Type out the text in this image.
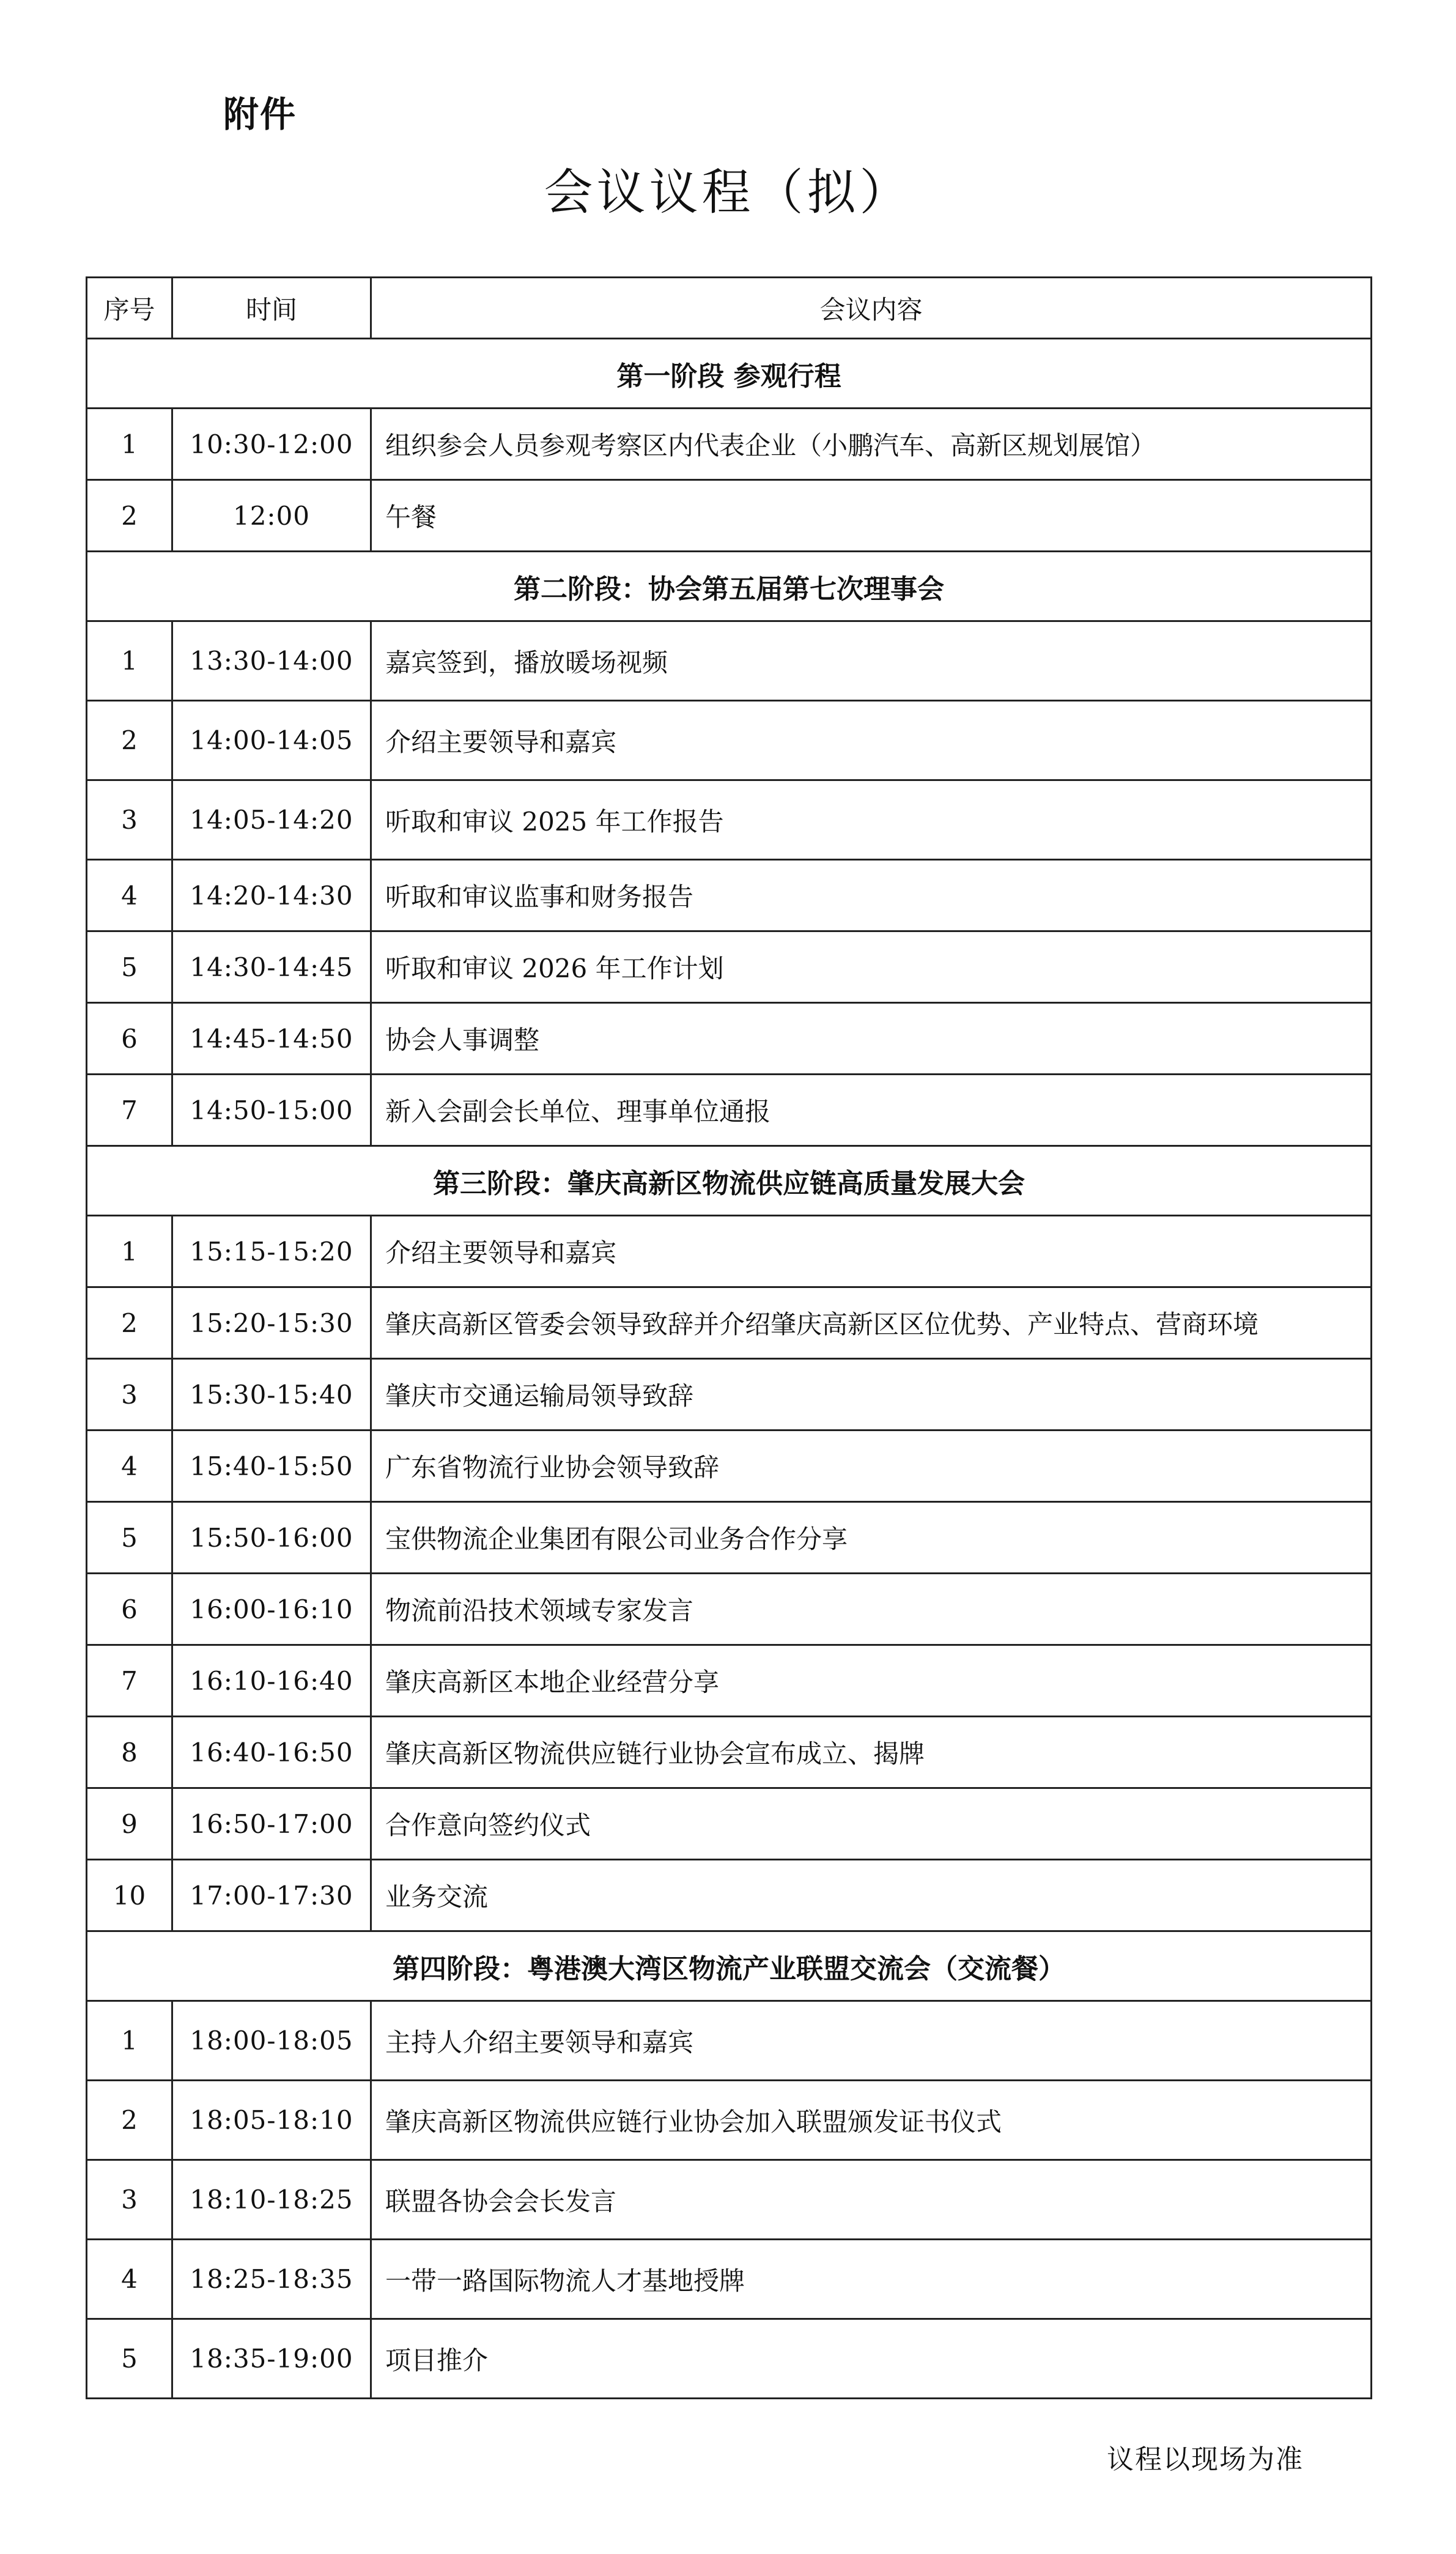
附件
会议议程（拟）
序号	时间	会议内容
第一阶段 参观行程		
1	10:30-12:00	组织参会人员参观考察区内代表企业（小鹏汽车、高新区规划展馆）
2	12:00	午餐
第二阶段：协会第五届第七次理事会		
1	13:30-14:00	嘉宾签到，播放暖场视频
2	14:00-14:05	介绍主要领导和嘉宾
3	14:05-14:20	听取和审议 2025 年工作报告
4	14:20-14:30	听取和审议监事和财务报告
5	14:30-14:45	听取和审议 2026 年工作计划
6	14:45-14:50	协会人事调整
7	14:50-15:00	新入会副会长单位、理事单位通报
第三阶段：肇庆高新区物流供应链高质量发展大会		
1	15:15-15:20	介绍主要领导和嘉宾
2	15:20-15:30	肇庆高新区管委会领导致辞并介绍肇庆高新区区位优势、产业特点、营商环境
3	15:30-15:40	肇庆市交通运输局领导致辞
4	15:40-15:50	广东省物流行业协会领导致辞
5	15:50-16:00	宝供物流企业集团有限公司业务合作分享
6	16:00-16:10	物流前沿技术领域专家发言
7	16:10-16:40	肇庆高新区本地企业经营分享
8	16:40-16:50	肇庆高新区物流供应链行业协会宣布成立、揭牌
9	16:50-17:00	合作意向签约仪式
10	17:00-17:30	业务交流
第四阶段：粤港澳大湾区物流产业联盟交流会（交流餐）		
1	18:00-18:05	主持人介绍主要领导和嘉宾
2	18:05-18:10	肇庆高新区物流供应链行业协会加入联盟颁发证书仪式
3	18:10-18:25	联盟各协会会长发言
4	18:25-18:35	一带一路国际物流人才基地授牌
5	18:35-19:00	项目推介
议程以现场为准
